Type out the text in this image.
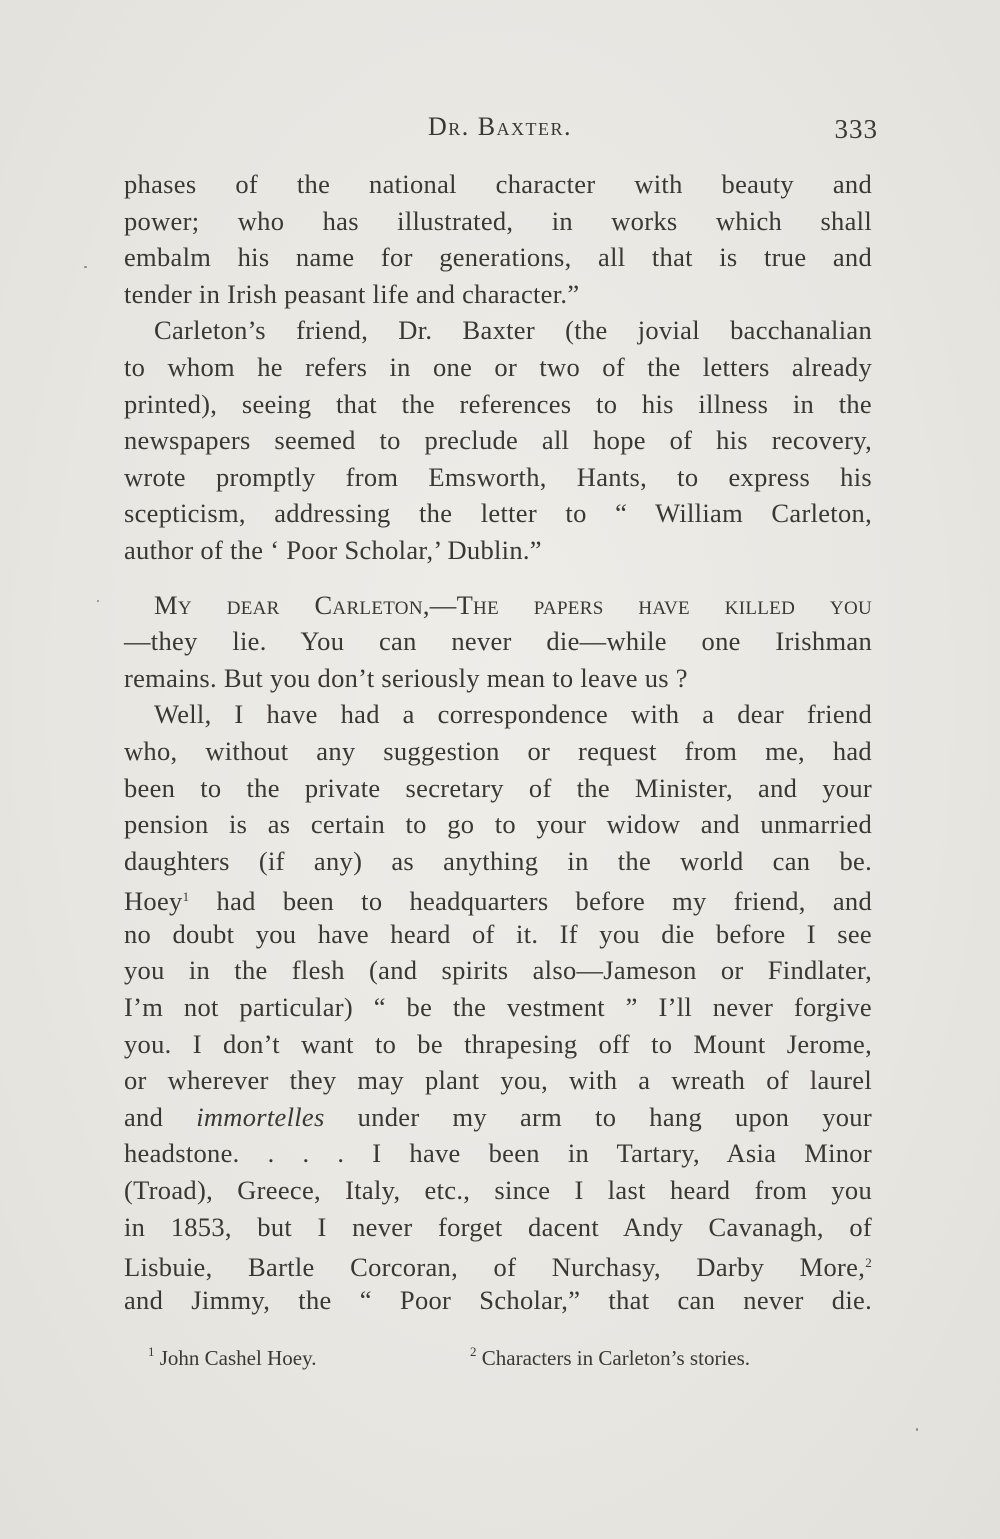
Dr. Baxter.	333
phases of the national character with beauty and
power; who has illustrated, in works which shall
embalm his name for generations, all that is true and
tender in Irish peasant life and character.”
Carleton’s friend, Dr. Baxter (the jovial bacchanalian
to whom he refers in one or two of the letters already
printed), seeing that the references to his illness in the
newspapers seemed to preclude all hope of his recovery,
wrote promptly from Emsworth, Hants, to express his
scepticism, addressing the letter to “ William Carleton,
author of the ‘ Poor Scholar,’ Dublin.”
My dear Carleton,—The papers have killed you
—they lie. You can never die—while one Irishman
remains. But you don’t seriously mean to leave us ?
Well, I have had a correspondence with a dear friend
who, without any suggestion or request from me, had
been to the private secretary of the Minister, and your
pension is as certain to go to your widow and unmarried
daughters (if any) as anything in the world can be.
Hoey$^1$ had been to headquarters before my friend, and
no doubt you have heard of it. If you die before I see
you in the flesh (and spirits also—Jameson or Findlater,
I’m not particular) “ be the vestment ” I’ll never forgive
you. I don’t want to be thrapesing off to Mount Jerome,
or wherever they may plant you, with a wreath of laurel
and immortelles under my arm to hang upon your
headstone. . . . I have been in Tartary, Asia Minor
(Troad), Greece, Italy, etc., since I last heard from you
in 1853, but I never forget dacent Andy Cavanagh, of
Lisbuie, Bartle Corcoran, of Nurchasy, Darby More,$^2$
and Jimmy, the “ Poor Scholar,” that can never die.
$^1$ John Cashel Hoey.	$^2$ Characters in Carleton’s stories.
